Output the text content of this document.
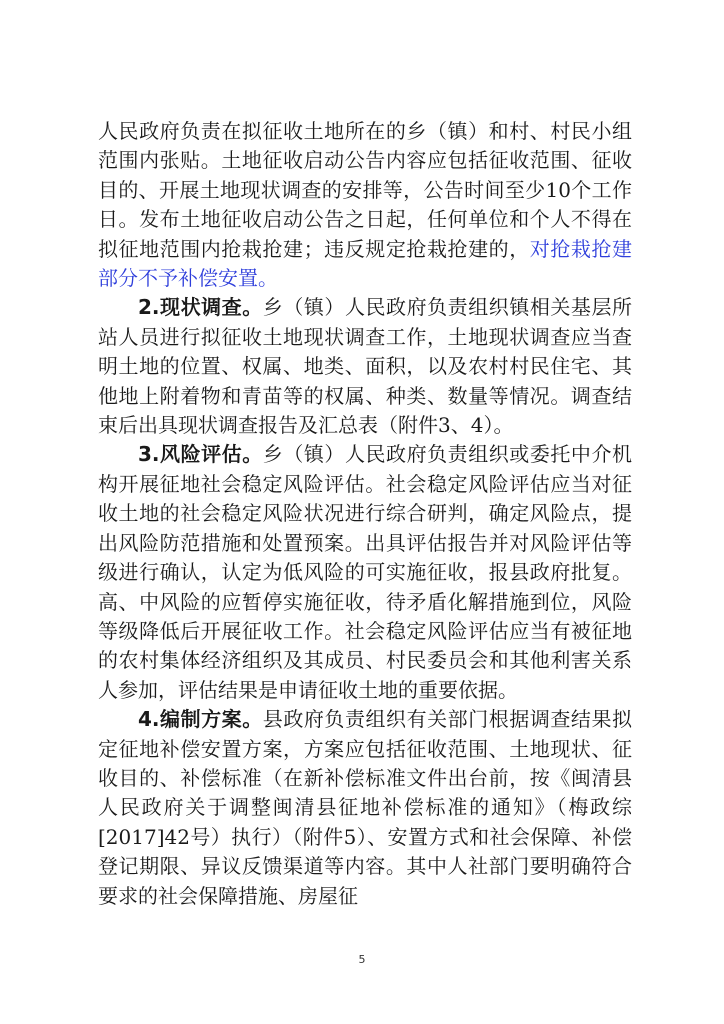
人民政府负责在拟征收土地所在的乡（镇）和村、村民小组范围内张贴。土地征收启动公告内容应包括征收范围、征收目的、开展土地现状调查的安排等，公告时间至少10个工作日。发布土地征收启动公告之日起，任何单位和个人不得在拟征地范围内抢栽抢建；违反规定抢栽抢建的，对抢栽抢建部分不予补偿安置。

2.现状调查。乡（镇）人民政府负责组织镇相关基层所站人员进行拟征收土地现状调查工作，土地现状调查应当查明土地的位置、权属、地类、面积，以及农村村民住宅、其他地上附着物和青苗等的权属、种类、数量等情况。调查结束后出具现状调查报告及汇总表（附件3、4）。

3.风险评估。乡（镇）人民政府负责组织或委托中介机构开展征地社会稳定风险评估。社会稳定风险评估应当对征收土地的社会稳定风险状况进行综合研判，确定风险点，提出风险防范措施和处置预案。出具评估报告并对风险评估等级进行确认，认定为低风险的可实施征收，报县政府批复。高、中风险的应暂停实施征收，待矛盾化解措施到位，风险等级降低后开展征收工作。社会稳定风险评估应当有被征地的农村集体经济组织及其成员、村民委员会和其他利害关系人参加，评估结果是申请征收土地的重要依据。

4.编制方案。县政府负责组织有关部门根据调查结果拟定征地补偿安置方案，方案应包括征收范围、土地现状、征收目的、补偿标准（在新补偿标准文件出台前，按《闽清县人民政府关于调整闽清县征地补偿标准的通知》（梅政综[2017]42号）执行）（附件5）、安置方式和社会保障、补偿登记期限、异议反馈渠道等内容。其中人社部门要明确符合要求的社会保障措施、房屋征

5
